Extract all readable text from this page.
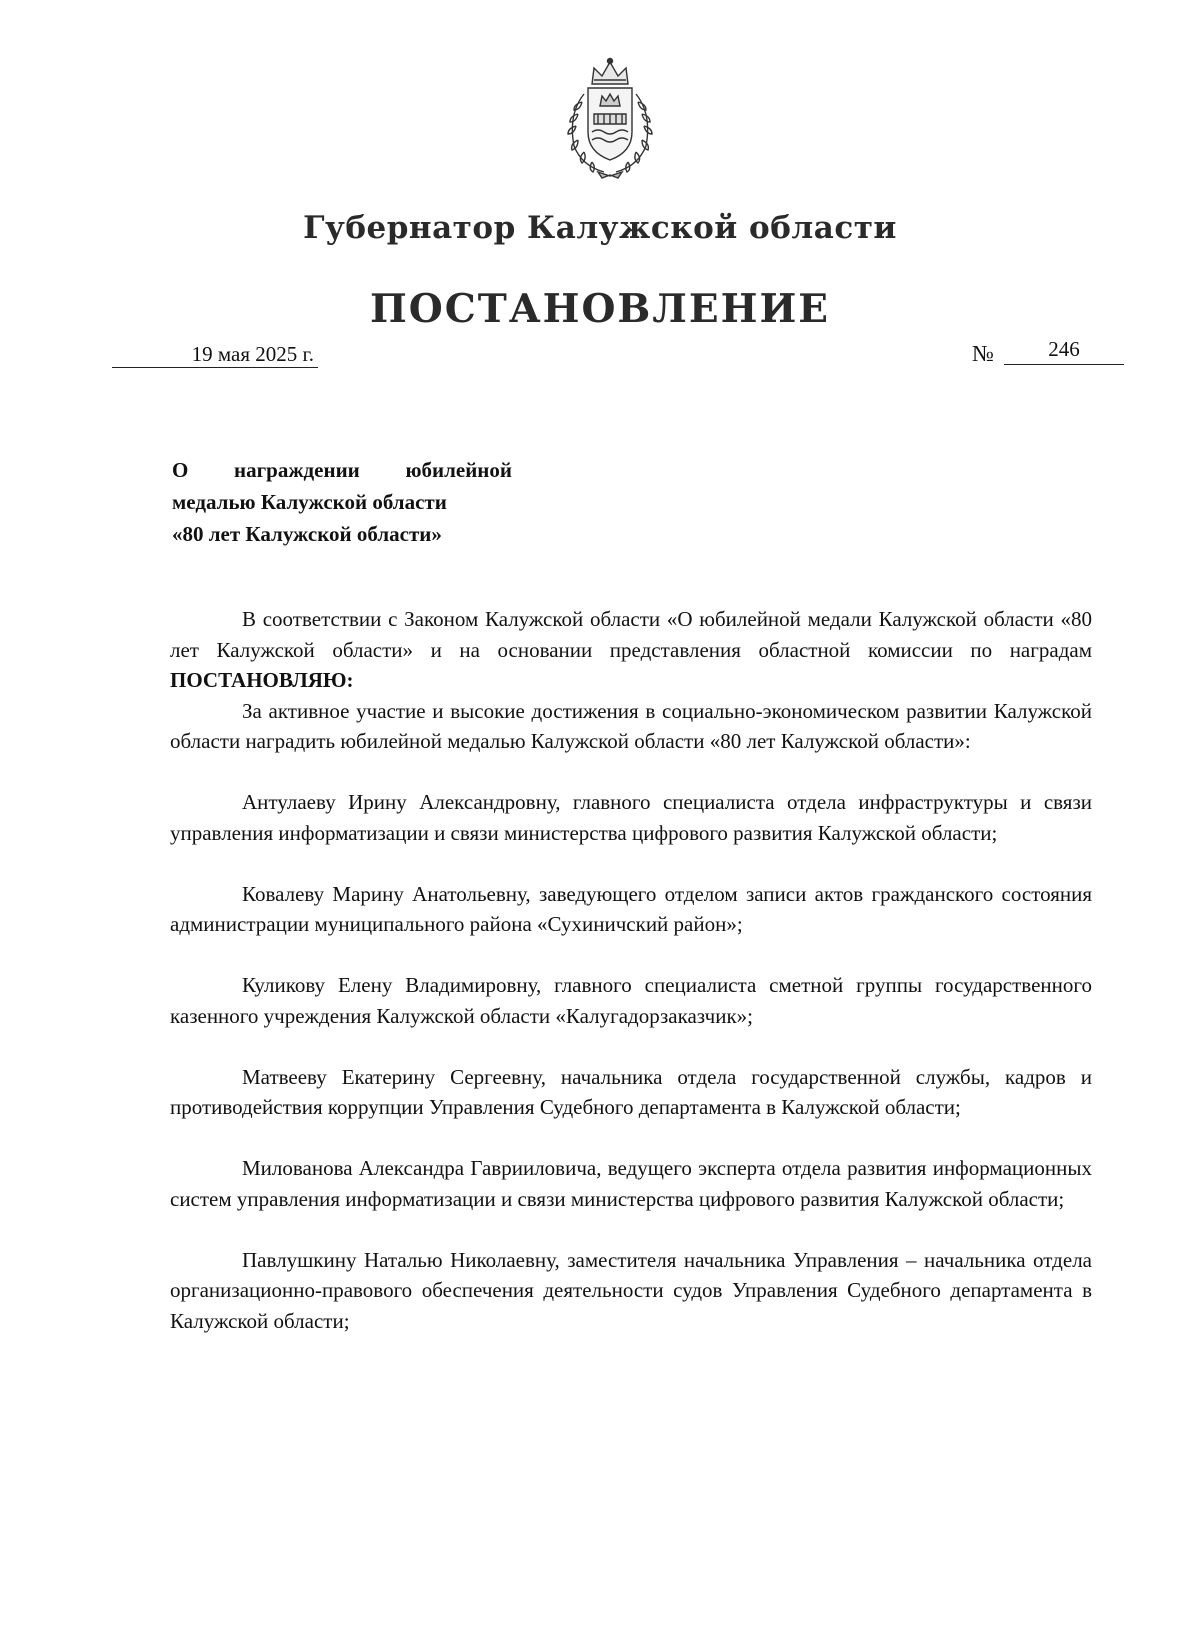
Губернатор Калужской области
ПОСТАНОВЛЕНИЕ
19 мая 2025 г.	№	246
О награждении юбилейной
медалью Калужской области
«80 лет Калужской области»

В соответствии с Законом Калужской области «О юбилейной медали Калужской области «80 лет Калужской области» и на основании представления областной комиссии по наградам ПОСТАНОВЛЯЮ:

За активное участие и высокие достижения в социально-экономическом развитии Калужской области наградить юбилейной медалью Калужской области «80 лет Калужской области»:

Антулаеву Ирину Александровну, главного специалиста отдела инфраструктуры и связи управления информатизации и связи министерства цифрового развития Калужской области;

Ковалеву Марину Анатольевну, заведующего отделом записи актов гражданского состояния администрации муниципального района «Сухиничский район»;

Куликову Елену Владимировну, главного специалиста сметной группы государственного казенного учреждения Калужской области «Калугадорзаказчик»;

Матвееву Екатерину Сергеевну, начальника отдела государственной службы, кадров и противодействия коррупции Управления Судебного департамента в Калужской области;

Милованова Александра Гаврииловича, ведущего эксперта отдела развития информационных систем управления информатизации и связи министерства цифрового развития Калужской области;

Павлушкину Наталью Николаевну, заместителя начальника Управления – начальника отдела организационно-правового обеспечения деятельности судов Управления Судебного департамента в Калужской области;
